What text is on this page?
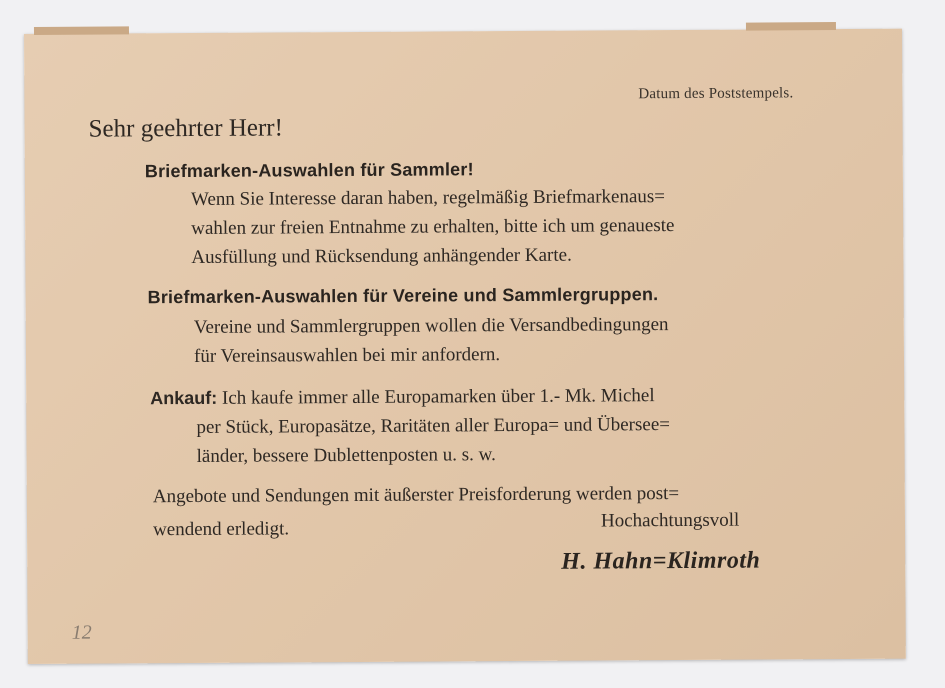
Datum des Poststempels.
Sehr geehrter Herr!
Briefmarken-Auswahlen für Sammler!
Wenn Sie Interesse daran haben, regelmäßig Briefmarkenaus=
wahlen zur freien Entnahme zu erhalten, bitte ich um genaueste
Ausfüllung und Rücksendung anhängender Karte.
Briefmarken-Auswahlen für Vereine und Sammlergruppen.
Vereine und Sammlergruppen wollen die Versandbedingungen
für Vereinsauswahlen bei mir anfordern.
Ankauf: Ich kaufe immer alle Europamarken über 1.- Mk. Michel
per Stück, Europasätze, Raritäten aller Europa= und Übersee=
länder, bessere Dublettenposten u. s. w.
Angebote und Sendungen mit äußerster Preisforderung werden post=
wendend erledigt.	Hochachtungsvoll
H. Hahn=Klimroth
12
